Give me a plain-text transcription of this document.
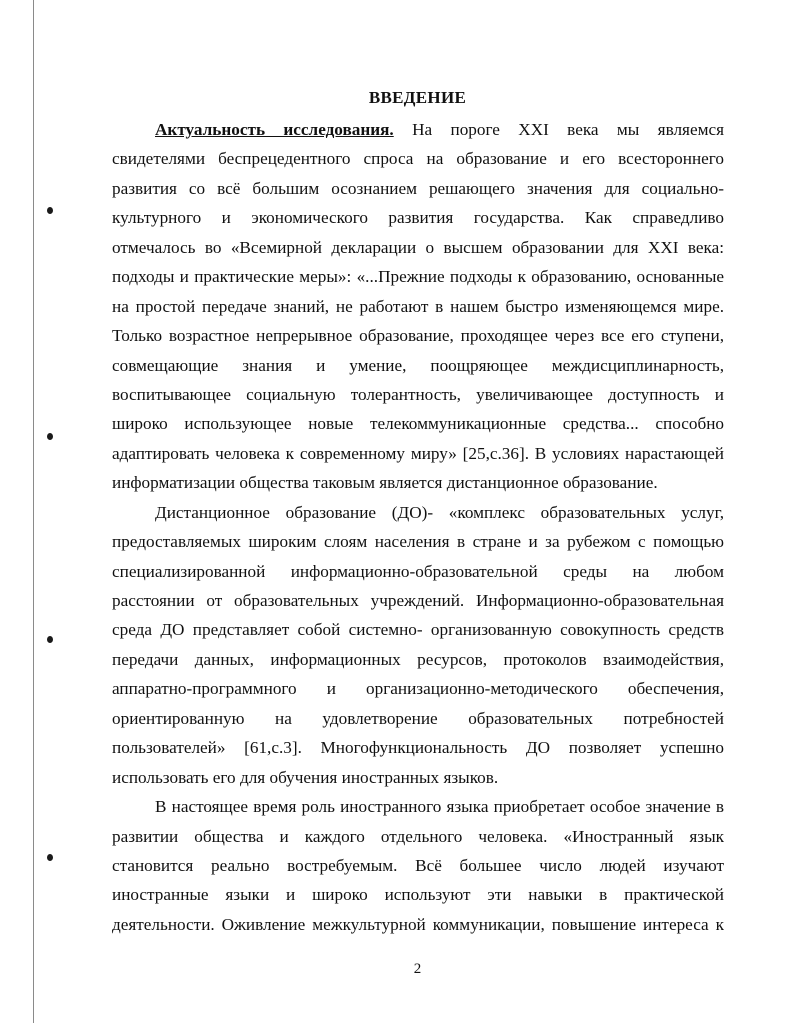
ВВЕДЕНИЕ
Актуальность исследования. На пороге XXI века мы являемся
свидетелями беспрецедентного спроса на образование и его всестороннего
развития со всё большим осознанием решающего значения для социально-
культурного и экономического развития государства. Как справедливо
отмечалось во «Всемирной декларации о высшем образовании для XXI века:
подходы и практические меры»: «...Прежние подходы к образованию, основанные
на простой передаче знаний, не работают в нашем быстро изменяющемся мире.
Только возрастное непрерывное образование, проходящее через все его ступени,
совмещающие знания и умение, поощряющее междисциплинарность,
воспитывающее социальную толерантность, увеличивающее доступность и
широко использующее новые телекоммуникационные средства... способно
адаптировать человека к современному миру» [25,с.36]. В условиях нарастающей
информатизации общества таковым является дистанционное образование.
Дистанционное образование (ДО)- «комплекс образовательных услуг,
предоставляемых широким слоям населения в стране и за рубежом с помощью
специализированной информационно-образовательной среды на любом
расстоянии от образовательных учреждений. Информационно-образовательная
среда ДО представляет собой системно- организованную совокупность средств
передачи данных, информационных ресурсов, протоколов взаимодействия,
аппаратно-программного и организационно-методического обеспечения,
ориентированную на удовлетворение образовательных потребностей
пользователей» [61,с.3]. Многофункциональность ДО позволяет успешно
использовать его для обучения иностранных языков.
В настоящее время роль иностранного языка приобретает особое значение в
развитии общества и каждого отдельного человека. «Иностранный язык
становится реально востребуемым. Всё большее число людей изучают
иностранные языки и широко используют эти навыки в практической
деятельности. Оживление межкультурной коммуникации, повышение интереса к
2
